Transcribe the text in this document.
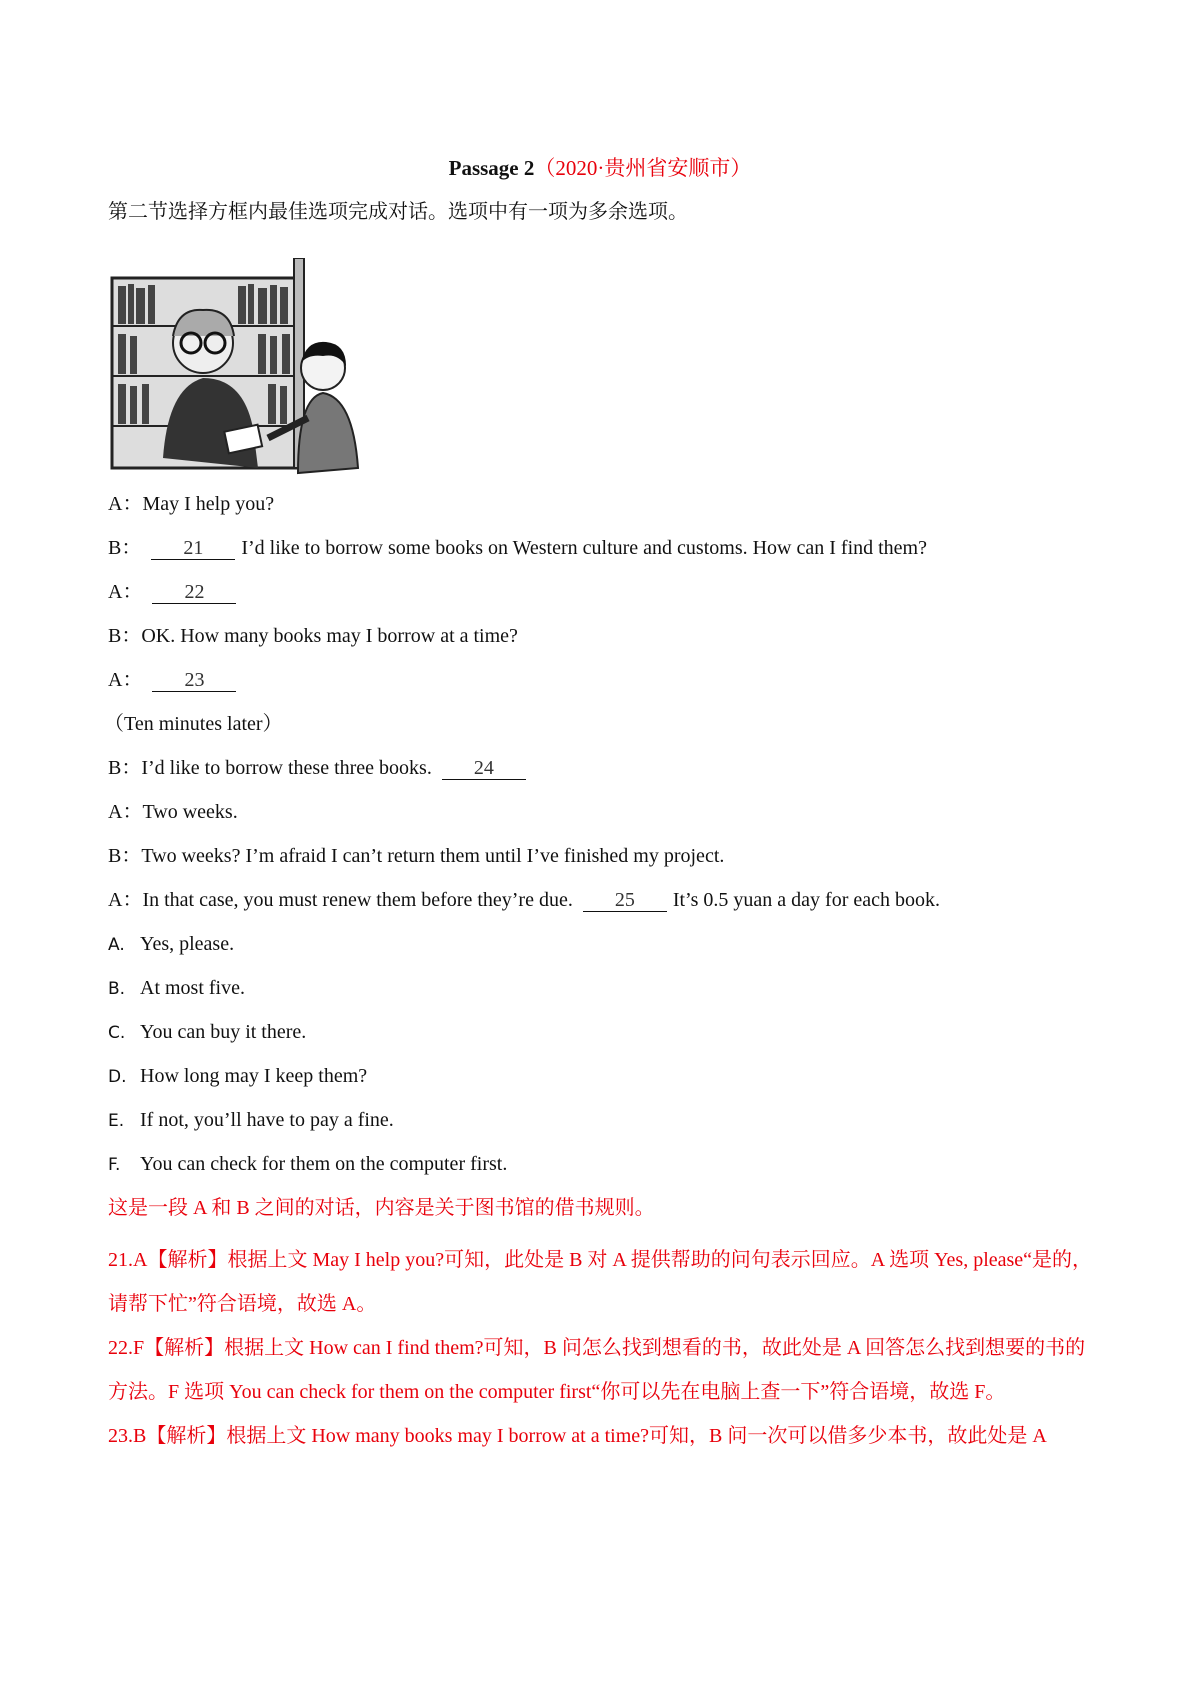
Passage 2（2020·贵州省安顺市）
第二节选择方框内最佳选项完成对话。选项中有一项为多余选项。
A：May I help you?
B： 21 I’d like to borrow some books on Western culture and customs. How can I find them?
A： 22
B：OK. How many books may I borrow at a time?
A： 23
（Ten minutes later）
B：I’d like to borrow these three books. 24
A：Two weeks.
B：Two weeks? I’m afraid I can’t return them until I’ve finished my project.
A：In that case, you must renew them before they’re due. 25 It’s 0.5 yuan a day for each book.
A. Yes, please.
B. At most five.
C. You can buy it there.
D. How long may I keep them?
E. If not, you’ll have to pay a fine.
F. You can check for them on the computer first.
这是一段 A 和 B 之间的对话，内容是关于图书馆的借书规则。
21.A【解析】根据上文 May I help you?可知，此处是 B 对 A 提供帮助的问句表示回应。A 选项 Yes, please“是的，请帮下忙”符合语境，故选 A。
22.F【解析】根据上文 How can I find them?可知，B 问怎么找到想看的书，故此处是 A 回答怎么找到想要的书的方法。F 选项 You can check for them on the computer first“你可以先在电脑上查一下”符合语境，故选 F。
23.B【解析】根据上文 How many books may I borrow at a time?可知，B 问一次可以借多少本书，故此处是 A
